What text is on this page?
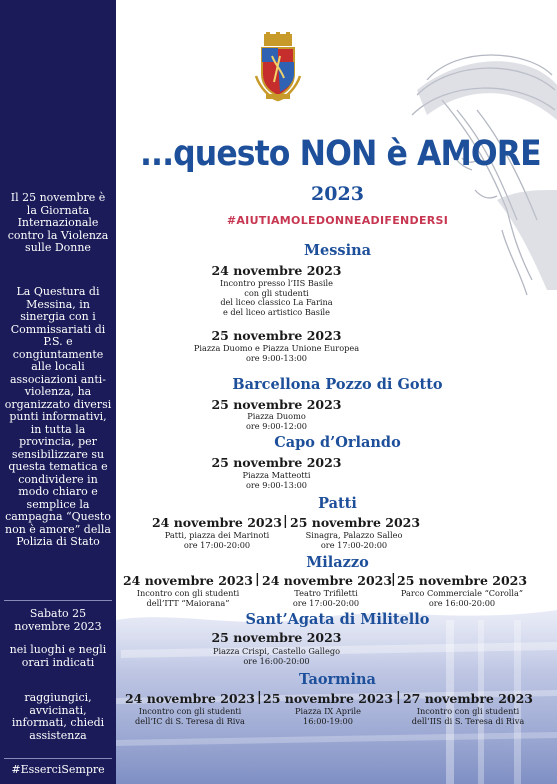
Il 25 novembre è la Giornata Internazionale contro la Violenza sulle Donne
La Questura di Messina, in sinergia con i Commissariati di P.S. e congiuntamente alle locali associazioni anti-violenza, ha organizzato diversi punti informativi, in tutta la provincia, per sensibilizzare su questa tematica e condividere in modo chiaro e semplice la campagna “Questo non è amore” della Polizia di Stato
Sabato 25 novembre 2023
nei luoghi e negli orari indicati
raggiungici, avvicinati, informati, chiedi assistenza
#EsserciSempre
...questo NON è AMORE
2023
#AIUTIAMOLEDONNEADIFENDERSI
Messina
24 novembre 2023
Incontro presso l’IIS Basile
con gli studenti
del liceo classico La Farina
e del liceo artistico Basile
25 novembre 2023
Piazza Duomo e Piazza Unione Europea
ore 9:00-13:00
Barcellona Pozzo di Gotto
25 novembre 2023
Piazza Duomo
ore 9:00-12:00
Capo d’Orlando
25 novembre 2023
Piazza Matteotti
ore 9:00-13:00
Patti
24 novembre 2023 | 25 novembre 2023
Patti, piazza dei Marinoti
ore 17:00-20:00
Sinagra, Palazzo Salleo
ore 17:00-20:00
Milazzo
24 novembre 2023 | 24 novembre 2023
| 25 novembre 2023
Incontro con gli studenti
dell’ITT “Maiorana”
Teatro Trifiletti
ore 17:00-20:00
Parco Commerciale “Corolla”
ore 16:00-20:00
Sant’Agata di Militello
25 novembre 2023
Piazza Crispi, Castello Gallego
ore 16:00-20:00
Taormina
24 novembre 2023 | 25 novembre 2023 | 27 novembre 2023
Incontro con gli studenti
dell’IC di S. Teresa di Riva
Piazza IX Aprile
16:00-19:00
Incontro con gli studenti
dell’IIS di S. Teresa di Riva
